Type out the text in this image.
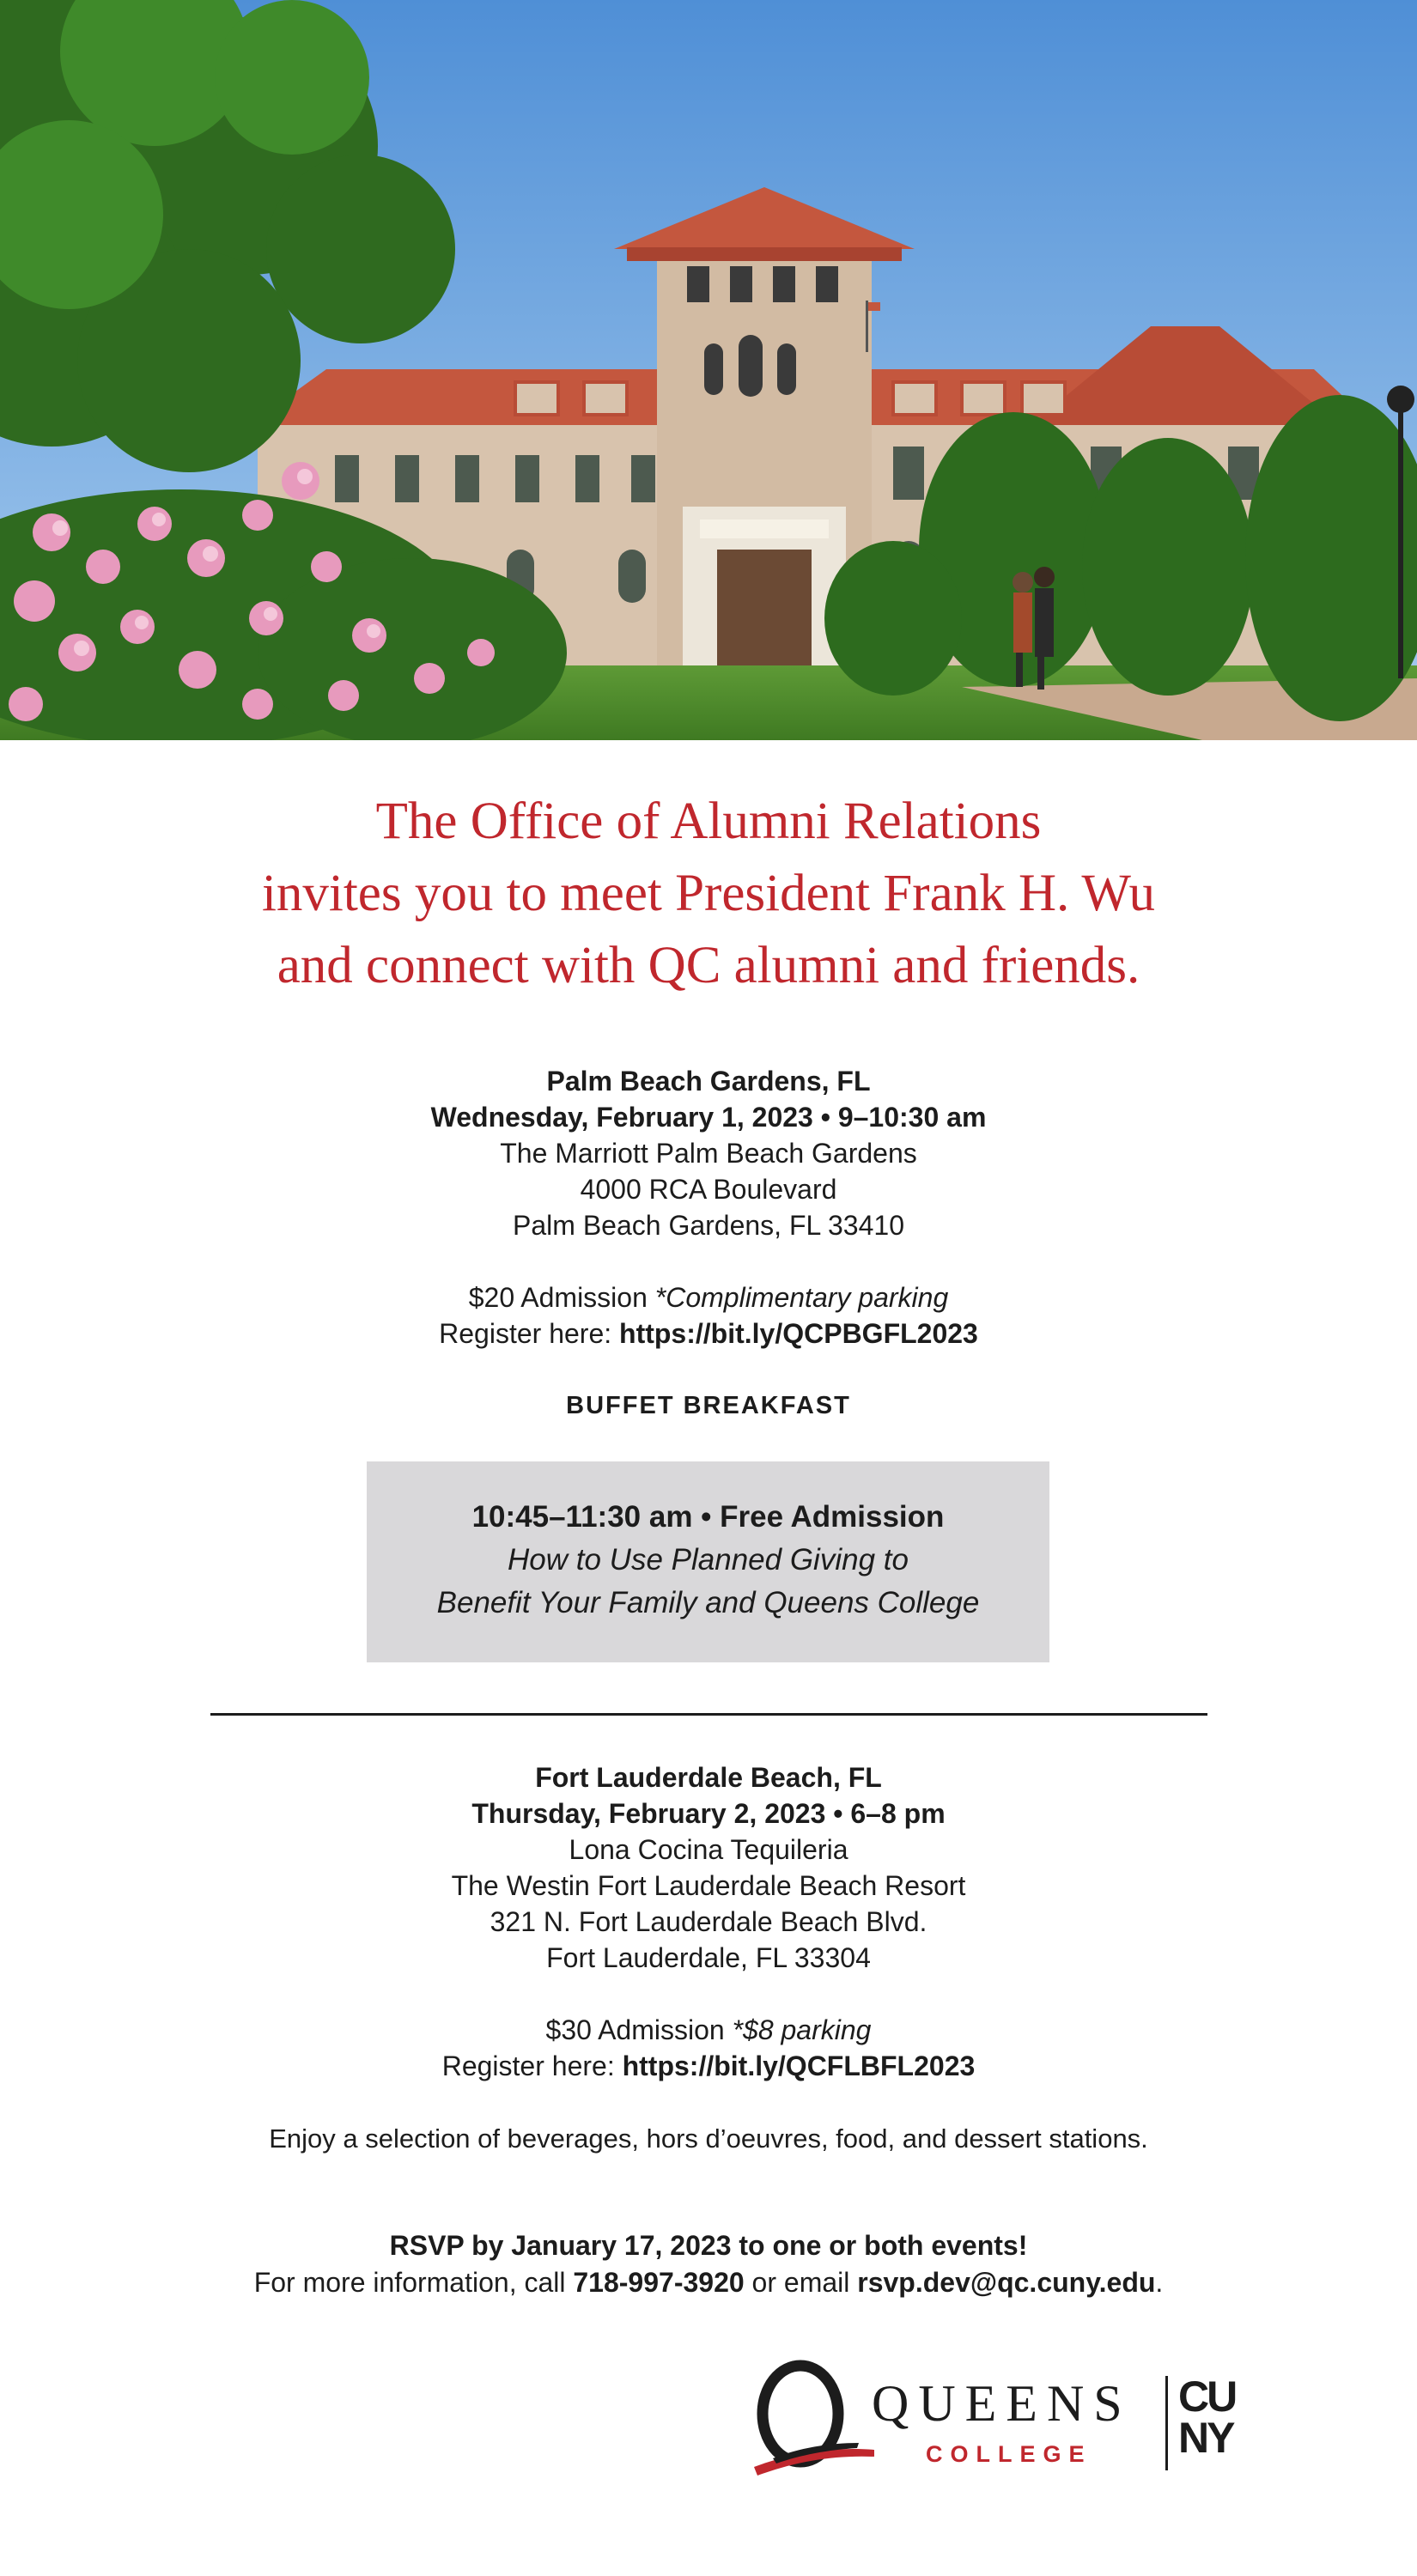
The Office of Alumni Relations
invites you to meet President Frank H. Wu
and connect with QC alumni and friends.
Palm Beach Gardens, FL
Wednesday, February 1, 2023 • 9–10:30 am
The Marriott Palm Beach Gardens
4000 RCA Boulevard
Palm Beach Gardens, FL 33410
$20 Admission *Complimentary parking
Register here: https://bit.ly/QCPBGFL2023
BUFFET BREAKFAST
10:45–11:30 am • Free Admission
How to Use Planned Giving to
Benefit Your Family and Queens College
Fort Lauderdale Beach, FL
Thursday, February 2, 2023 • 6–8 pm
Lona Cocina Tequileria
The Westin Fort Lauderdale Beach Resort
321 N. Fort Lauderdale Beach Blvd.
Fort Lauderdale, FL 33304
$30 Admission *$8 parking
Register here: https://bit.ly/QCFLBFL2023
Enjoy a selection of beverages, hors d’oeuvres, food, and dessert stations.
RSVP by January 17, 2023 to one or both events!
For more information, call 718-997-3920 or email rsvp.dev@qc.cuny.edu.
QUEENS
COLLEGE
CU
NY
